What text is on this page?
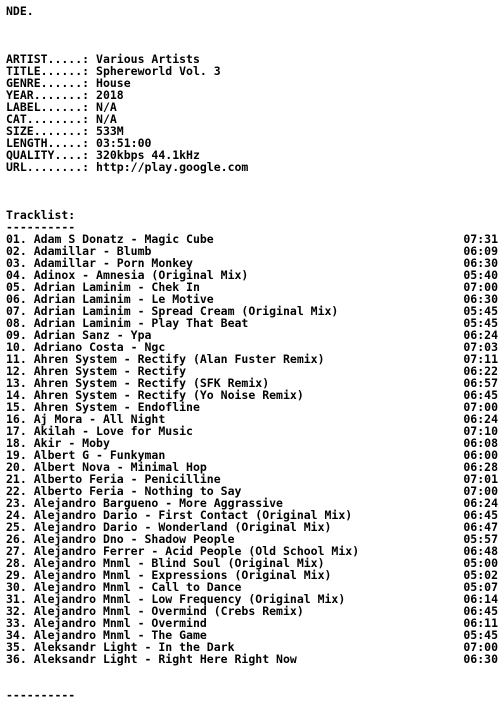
NDE.
ARTIST.....: Various Artists
TITLE......: Sphereworld Vol. 3
GENRE......: House
YEAR.......: 2018
LABEL......: N/A
CAT........: N/A
SIZE.......: 533M
LENGTH.....: 03:51:00
QUALITY....: 320kbps 44.1kHz
URL........: http://play.google.com
Tracklist:
----------
01. Adam S Donatz - Magic Cube	07:31
02. Adamillar - Blumb	06:09
03. Adamillar - Porn Monkey	06:30
04. Adinox - Amnesia (Original Mix)	05:40
05. Adrian Laminim - Chek In	07:00
06. Adrian Laminim - Le Motive	06:30
07. Adrian Laminim - Spread Cream (Original Mix)	05:45
08. Adrian Laminim - Play That Beat	05:45
09. Adrian Sanz - Ypa	06:24
10. Adriano Costa - Ngc	07:03
11. Ahren System - Rectify (Alan Fuster Remix)	07:11
12. Ahren System - Rectify	06:22
13. Ahren System - Rectify (SFK Remix)	06:57
14. Ahren System - Rectify (Yo Noise Remix)	06:45
15. Ahren System - Endofline	07:00
16. Aj Mora - All Night	06:24
17. Akilah - Love for Music	07:10
18. Akir - Moby	06:08
19. Albert G - Funkyman	06:00
20. Albert Nova - Minimal Hop	06:28
21. Alberto Feria - Penicilline	07:01
22. Alberto Feria - Nothing to Say	07:00
23. Alejandro Bargueno - More Aggrassive	06:24
24. Alejandro Dario - First Contact (Original Mix)	06:45
25. Alejandro Dario - Wonderland (Original Mix)	06:47
26. Alejandro Dno - Shadow People	05:57
27. Alejandro Ferrer - Acid People (Old School Mix)	06:48
28. Alejandro Mnml - Blind Soul (Original Mix)	05:00
29. Alejandro Mnml - Expressions (Original Mix)	05:02
30. Alejandro Mnml - Call to Dance	05:07
31. Alejandro Mnml - Low Frequency (Original Mix)	06:14
32. Alejandro Mnml - Overmind (Crebs Remix)	06:45
33. Alejandro Mnml - Overmind	06:11
34. Alejandro Mnml - The Game	05:45
35. Aleksandr Light - In the Dark	07:00
36. Aleksandr Light - Right Here Right Now	06:30
----------
